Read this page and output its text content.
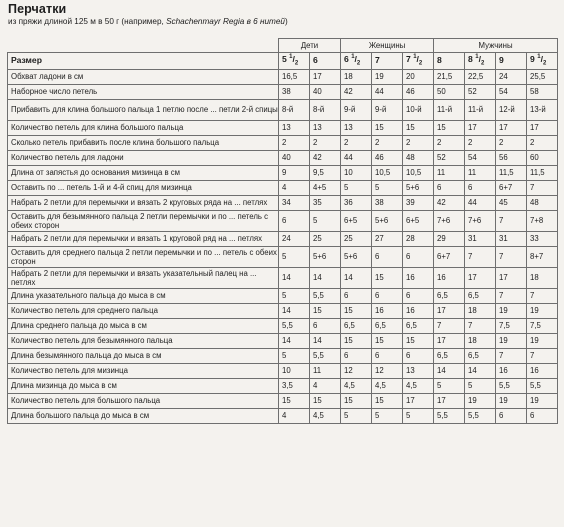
Перчатки
из пряжи длиной 125 м в 50 г (например, Schachenmayr Regia в 6 нитей)
	Дети		Женщины			Мужчины			
Размер	5 $^1/_2$	6	6 $^1/_2$	7	7 $^1/_2$	8	8 $^1/_2$	9	9 $^1/_2$
Обхват ладони в см	16,5	17	18	19	20	21,5	22,5	24	25,5
Наборное число петель	38	40	42	44	46	50	52	54	58
Прибавить для клина большого пальца 1 петлю после ... петли 2-й спицы	8-й	8-й	9-й	9-й	10-й	11-й	11-й	12-й	13-й
Количество петель для клина большого пальца	13	13	13	15	15	15	17	17	17
Сколько петель прибавить после клина большого пальца	2	2	2	2	2	2	2	2	2
Количество петель для ладони	40	42	44	46	48	52	54	56	60
Длина от запястья до основания мизинца в см	9	9,5	10	10,5	10,5	11	11	11,5	11,5
Оставить по ... петель 1-й и 4-й спиц для мизинца	4	4+5	5	5	5+6	6	6	6+7	7
Набрать 2 петли для перемычки и вязать 2 круговых ряда на ... петлях	34	35	36	38	39	42	44	45	48
Оставить для безымянного пальца 2 петли перемычки и по ... петель с обеих сторон	6	5	6+5	5+6	6+5	7+6	7+6	7	7+8
Набрать 2 петли для перемычки и вязать 1 круговой ряд на ... петлях	24	25	25	27	28	29	31	31	33
Оставить для среднего пальца 2 петли перемычки и по ... петель с обеих сторон	5	5+6	5+6	6	6	6+7	7	7	8+7
Набрать 2 петли для перемычки и вязать указательный палец на ... петлях	14	14	14	15	16	16	17	17	18
Длина указательного пальца до мыса в см	5	5,5	6	6	6	6,5	6,5	7	7
Количество петель для среднего пальца	14	15	15	16	16	17	18	19	19
Длина среднего пальца до мыса в см	5,5	6	6,5	6,5	6,5	7	7	7,5	7,5
Количество петель для безымянного пальца	14	14	15	15	15	17	18	19	19
Длина безымянного пальца до мыса в см	5	5,5	6	6	6	6,5	6,5	7	7
Количество петель для мизинца	10	11	12	12	13	14	14	16	16
Длина мизинца до мыса в см	3,5	4	4,5	4,5	4,5	5	5	5,5	5,5
Количество петель для большого пальца	15	15	15	15	17	17	19	19	19
Длина большого пальца до мыса в см	4	4,5	5	5	5	5,5	5,5	6	6
